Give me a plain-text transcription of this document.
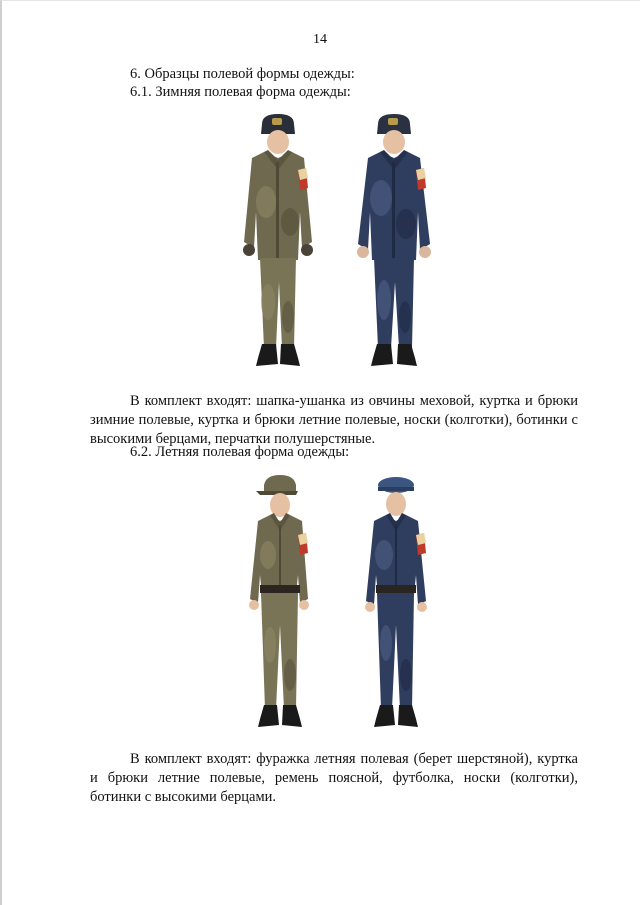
14
6. Образцы полевой формы одежды:
6.1. Зимняя полевая форма одежды:

В комплект входят: шапка-ушанка из овчины меховой, куртка и брюки зимние полевые, куртка и брюки летние полевые, носки (колготки), ботинки с высокими берцами, перчатки полушерстяные.

6.2. Летняя полевая форма одежды:

В комплект входят: фуражка летняя полевая (берет шерстяной), куртка и брюки летние полевые, ремень поясной, футболка, носки (колготки), ботинки с высокими берцами.
